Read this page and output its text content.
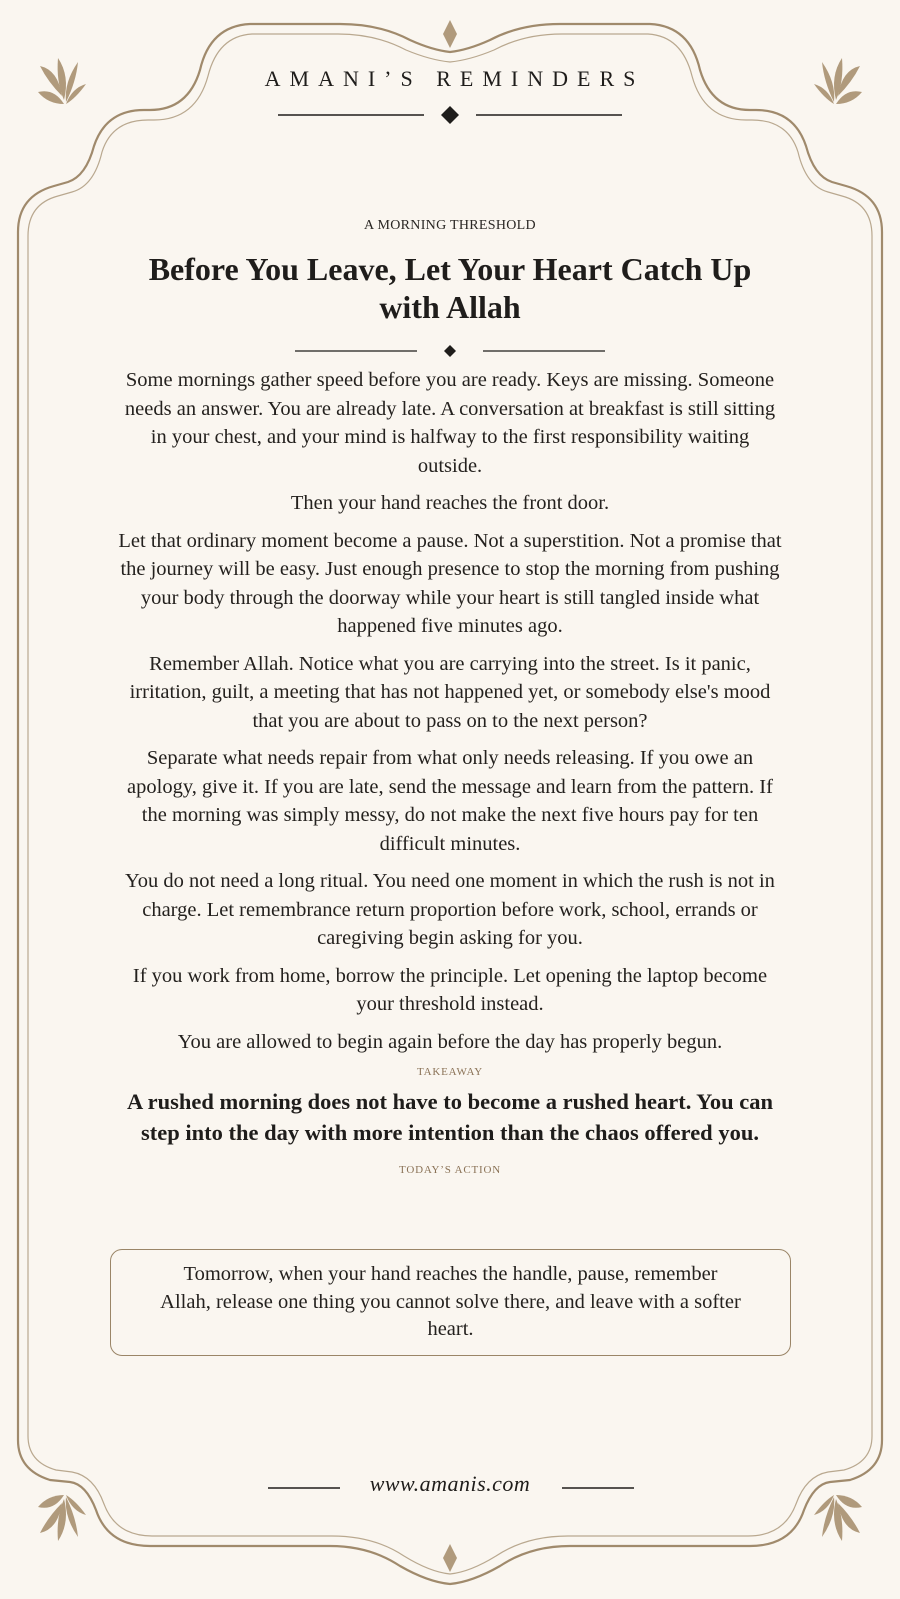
AMANI’S REMINDERS

A MORNING THRESHOLD

Before You Leave, Let Your Heart Catch Up with Allah

Some mornings gather speed before you are ready. Keys are missing. Someone needs an answer. You are already late. A conversation at breakfast is still sitting in your chest, and your mind is halfway to the first responsibility waiting outside.

Then your hand reaches the front door.

Let that ordinary moment become a pause. Not a superstition. Not a promise that the journey will be easy. Just enough presence to stop the morning from pushing your body through the doorway while your heart is still tangled inside what happened five minutes ago.

Remember Allah. Notice what you are carrying into the street. Is it panic, irritation, guilt, a meeting that has not happened yet, or somebody else's mood that you are about to pass on to the next person?

Separate what needs repair from what only needs releasing. If you owe an apology, give it. If you are late, send the message and learn from the pattern. If the morning was simply messy, do not make the next five hours pay for ten difficult minutes.

You do not need a long ritual. You need one moment in which the rush is not in charge. Let remembrance return proportion before work, school, errands or caregiving begin asking for you.

If you work from home, borrow the principle. Let opening the laptop become your threshold instead.

You are allowed to begin again before the day has properly begun.

TAKEAWAY

A rushed morning does not have to become a rushed heart. You can step into the day with more intention than the chaos offered you.

TODAY’S ACTION

Tomorrow, when your hand reaches the handle, pause, remember Allah, release one thing you cannot solve there, and leave with a softer heart.
www.amanis.com
